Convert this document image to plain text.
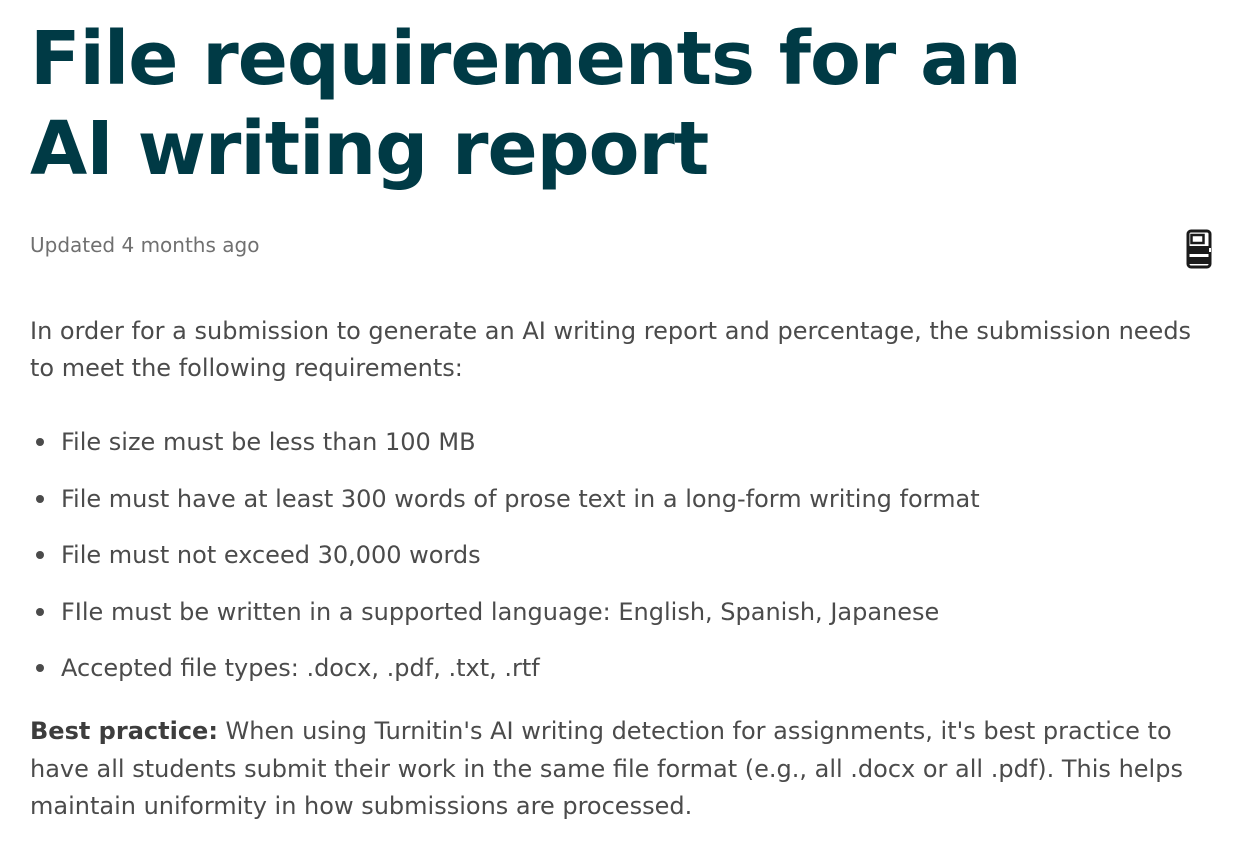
File requirements for an AI writing report
Updated 4 months ago

In order for a submission to generate an AI writing report and percentage, the submission needs to meet the following requirements:

File size must be less than 100 MB
File must have at least 300 words of prose text in a long-form writing format
File must not exceed 30,000 words
FIle must be written in a supported language: English, Spanish, Japanese
Accepted file types: .docx, .pdf, .txt, .rtf

Best practice: When using Turnitin's AI writing detection for assignments, it's best practice to have all students submit their work in the same file format (e.g., all .docx or all .pdf). This helps maintain uniformity in how submissions are processed.
